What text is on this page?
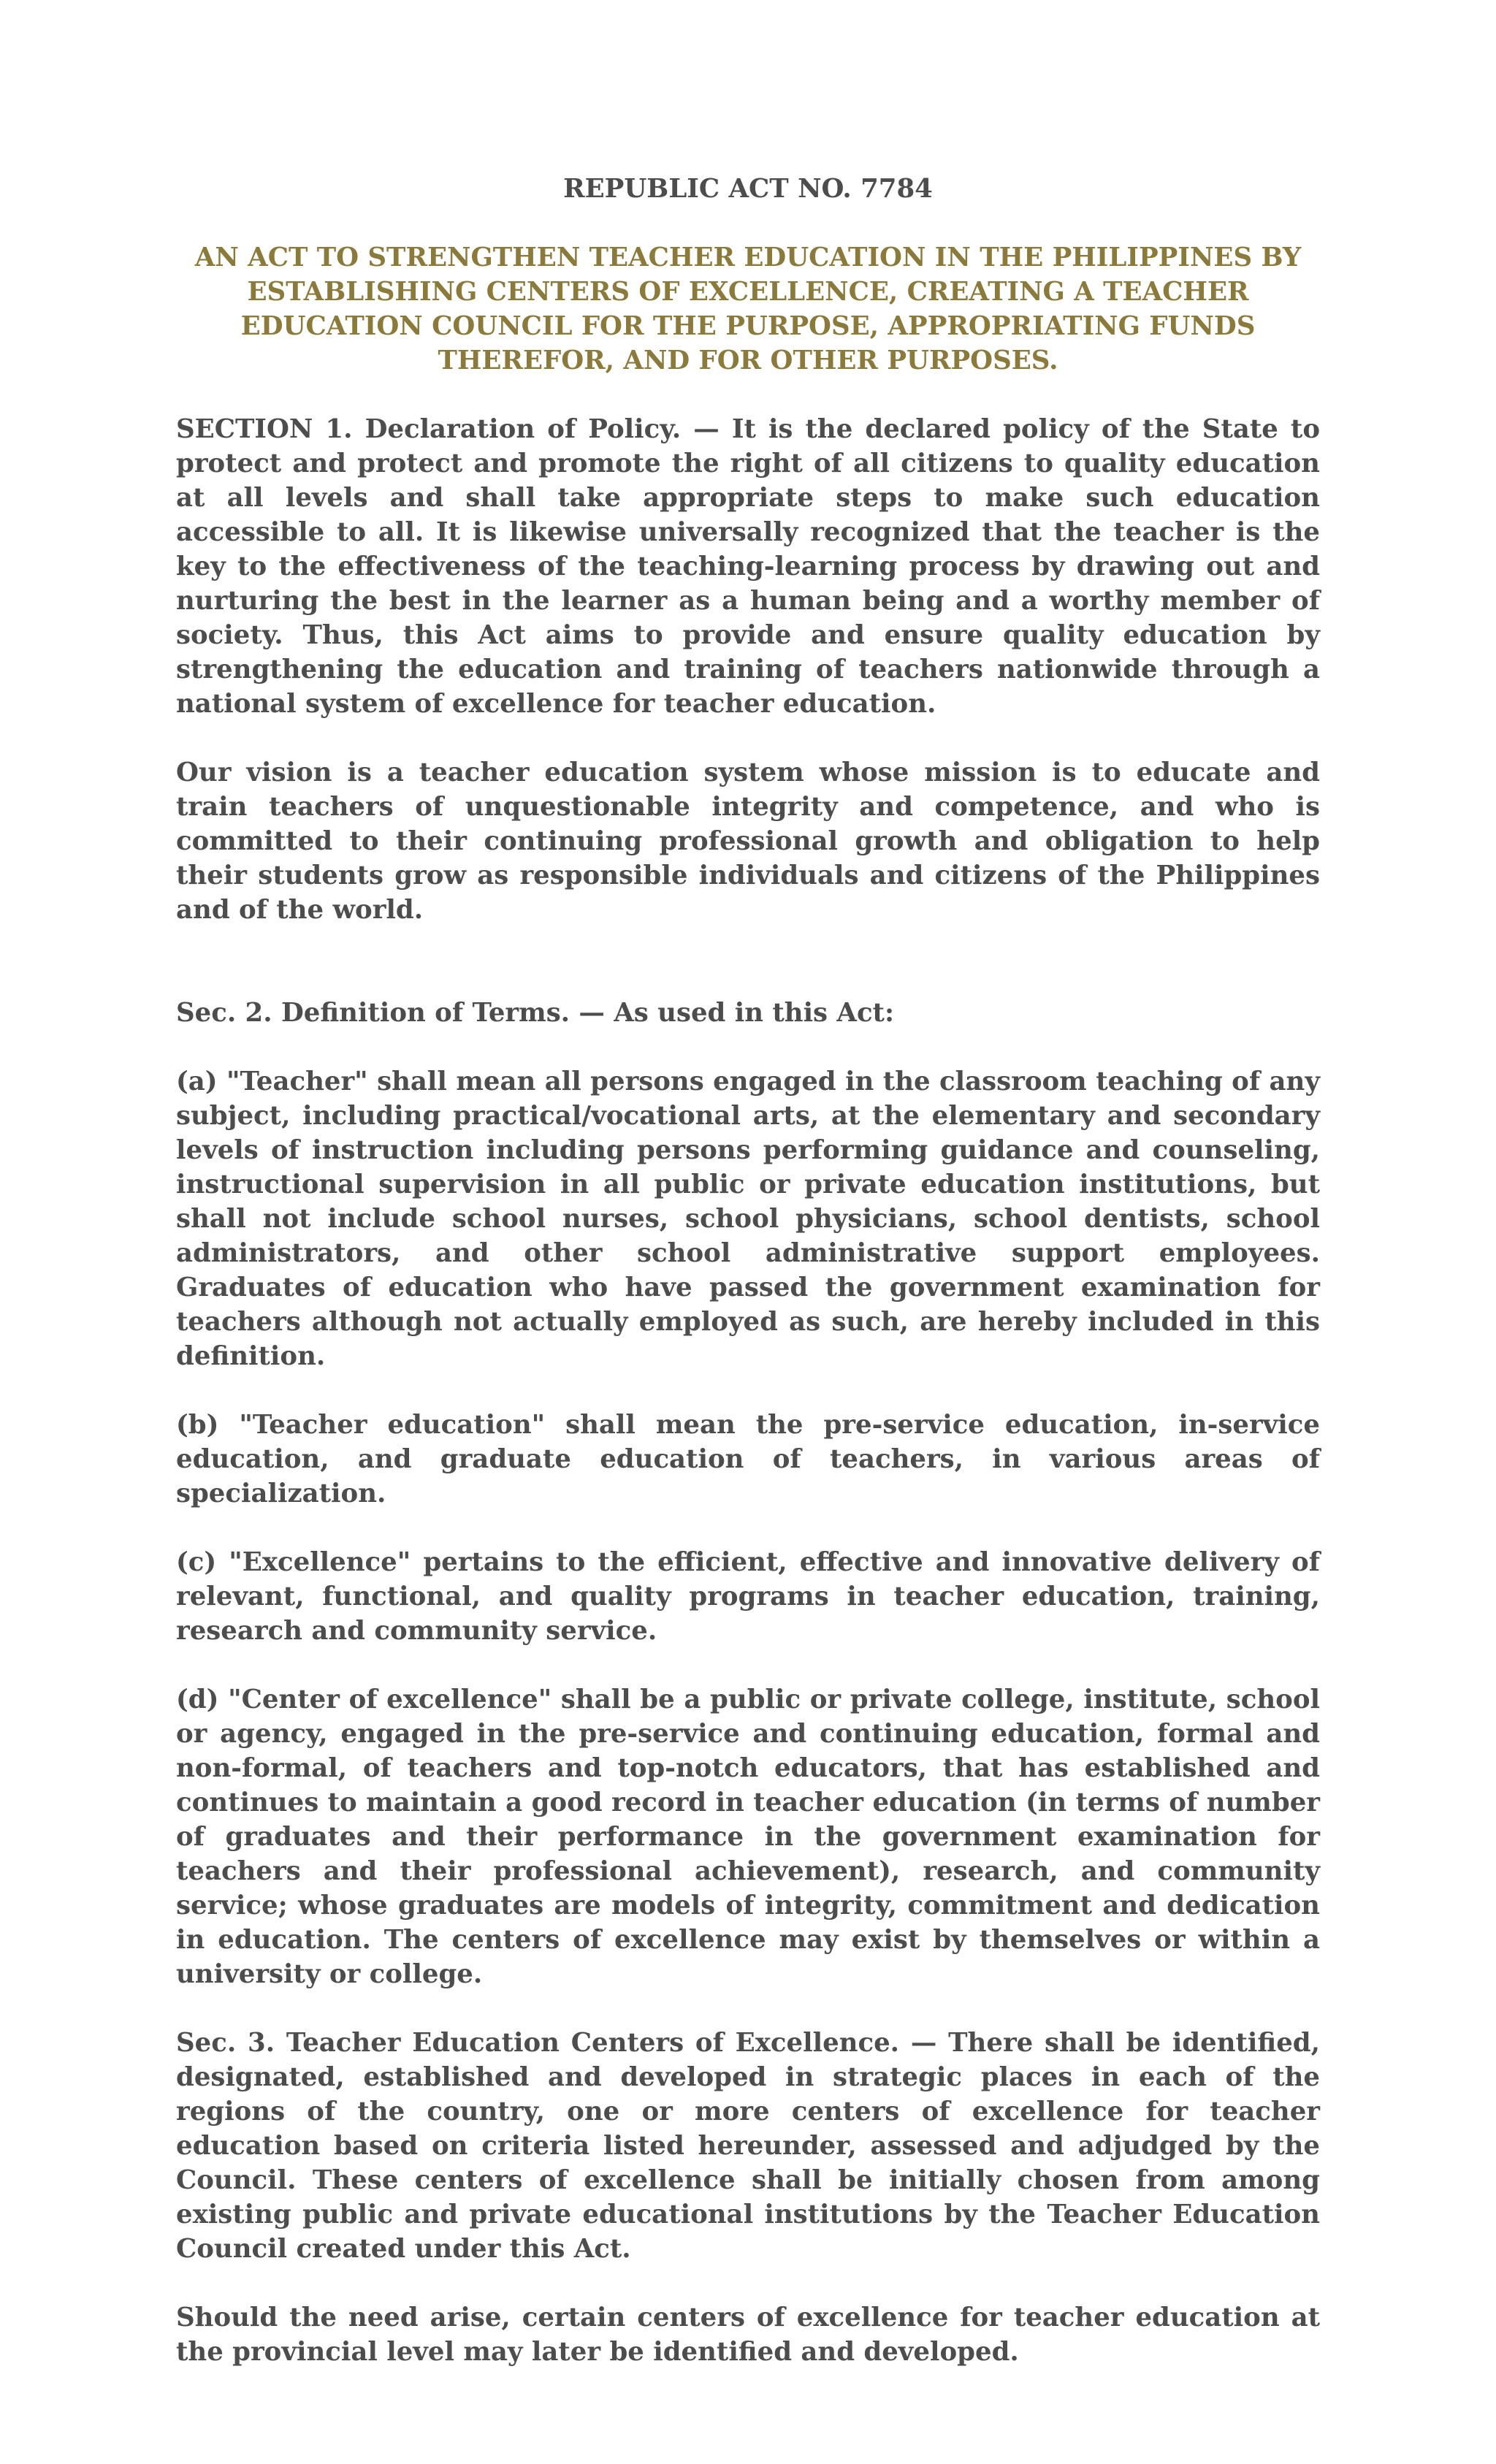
REPUBLIC ACT NO. 7784
AN ACT TO STRENGTHEN TEACHER EDUCATION IN THE PHILIPPINES BY ESTABLISHING CENTERS OF EXCELLENCE, CREATING A TEACHER EDUCATION COUNCIL FOR THE PURPOSE, APPROPRIATING FUNDS THEREFOR, AND FOR OTHER PURPOSES.
SECTION 1. Declaration of Policy. — It is the declared policy of the State to protect and protect and promote the right of all citizens to quality education at all levels and shall take appropriate steps to make such education accessible to all. It is likewise universally recognized that the teacher is the key to the effectiveness of the teaching-learning process by drawing out and nurturing the best in the learner as a human being and a worthy member of society. Thus, this Act aims to provide and ensure quality education by strengthening the education and training of teachers nationwide through a national system of excellence for teacher education.
Our vision is a teacher education system whose mission is to educate and train teachers of unquestionable integrity and competence, and who is committed to their continuing professional growth and obligation to help their students grow as responsible individuals and citizens of the Philippines and of the world.
Sec. 2. Definition of Terms. — As used in this Act:
(a) "Teacher" shall mean all persons engaged in the classroom teaching of any subject, including practical/vocational arts, at the elementary and secondary levels of instruction including persons performing guidance and counseling, instructional supervision in all public or private education institutions, but shall not include school nurses, school physicians, school dentists, school administrators, and other school administrative support employees. Graduates of education who have passed the government examination for teachers although not actually employed as such, are hereby included in this definition.
(b) "Teacher education" shall mean the pre-service education, in-service education, and graduate education of teachers, in various areas of specialization.
(c) "Excellence" pertains to the efficient, effective and innovative delivery of relevant, functional, and quality programs in teacher education, training, research and community service.
(d) "Center of excellence" shall be a public or private college, institute, school or agency, engaged in the pre-service and continuing education, formal and non-formal, of teachers and top-notch educators, that has established and continues to maintain a good record in teacher education (in terms of number of graduates and their performance in the government examination for teachers and their professional achievement), research, and community service; whose graduates are models of integrity, commitment and dedication in education. The centers of excellence may exist by themselves or within a university or college.
Sec. 3. Teacher Education Centers of Excellence. — There shall be identified, designated, established and developed in strategic places in each of the regions of the country, one or more centers of excellence for teacher education based on criteria listed hereunder, assessed and adjudged by the Council. These centers of excellence shall be initially chosen from among existing public and private educational institutions by the Teacher Education Council created under this Act.
Should the need arise, certain centers of excellence for teacher education at the provincial level may later be identified and developed.
